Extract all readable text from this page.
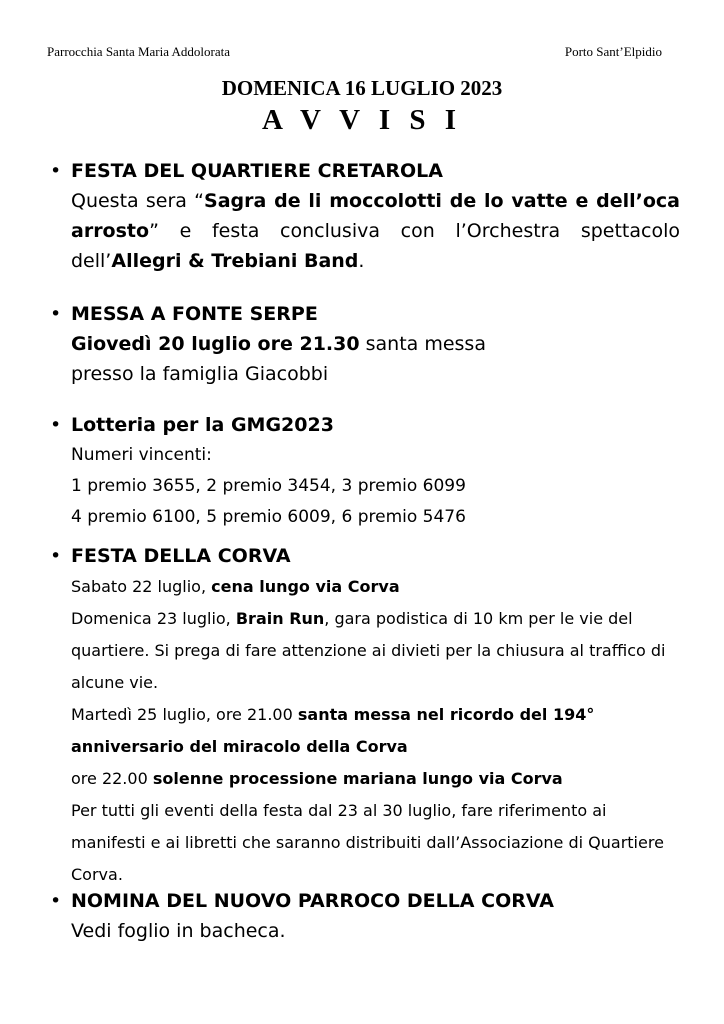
Parrocchia Santa Maria Addolorata	Porto Sant’Elpidio
DOMENICA 16 LUGLIO 2023
A V V I S I
• FESTA DEL QUARTIERE CRETAROLA
Questa sera “Sagra de li moccolotti de lo vatte e dell’oca arrosto” e festa conclusiva con l’Orchestra spettacolo dell’Allegri & Trebiani Band.
• MESSA A FONTE SERPE
Giovedì 20 luglio ore 21.30 santa messa
presso la famiglia Giacobbi
• Lotteria per la GMG2023
Numeri vincenti:
1 premio 3655, 2 premio 3454, 3 premio 6099
4 premio 6100, 5 premio 6009, 6 premio 5476
• FESTA DELLA CORVA
Sabato 22 luglio, cena lungo via Corva
Domenica 23 luglio, Brain Run, gara podistica di 10 km per le vie del quartiere. Si prega di fare attenzione ai divieti per la chiusura al traffico di alcune vie.
Martedì 25 luglio, ore 21.00 santa messa nel ricordo del 194° anniversario del miracolo della Corva
ore 22.00 solenne processione mariana lungo via Corva
Per tutti gli eventi della festa dal 23 al 30 luglio, fare riferimento ai manifesti e ai libretti che saranno distribuiti dall’Associazione di Quartiere Corva.
• NOMINA DEL NUOVO PARROCO DELLA CORVA
Vedi foglio in bacheca.
